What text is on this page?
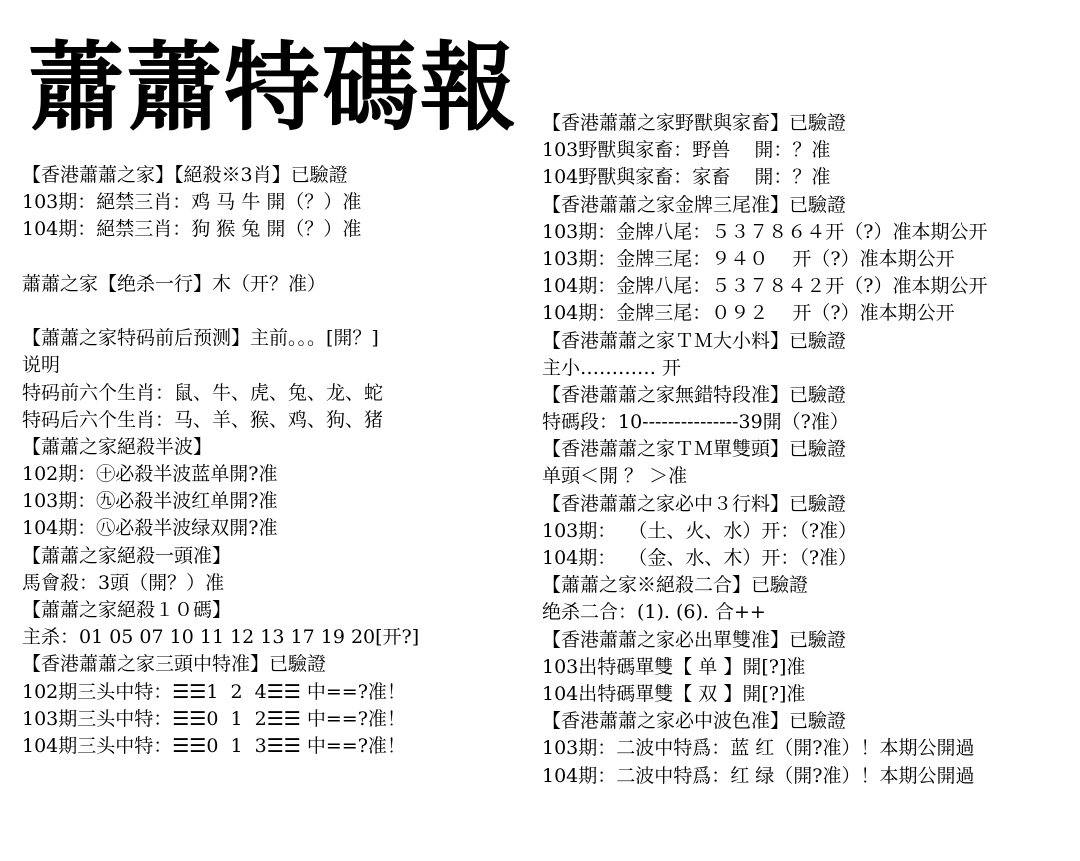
蕭蕭特碼報
【香港蕭蕭之家】【絕殺※3肖】已驗證
103期：絕禁三肖：鸡 马 牛 開（？）准
104期：絕禁三肖：狗 猴 兔 開（？）准
蕭蕭之家【绝杀一行】木（开？准）
【蕭蕭之家特码前后预测】主前。。。[開？]
说明
特码前六个生肖：鼠、牛、虎、兔、龙、蛇
特码后六个生肖：马、羊、猴、鸡、狗、猪
【蕭蕭之家絕殺半波】
102期：㊉必殺半波蓝单開?准
103期：㊈必殺半波红单開?准
104期：㊇必殺半波绿双開?准
【蕭蕭之家絕殺一頭准】
馬會殺：3頭（開？）准
【蕭蕭之家絕殺１０碼】
主杀：01 05 07 10 11 12 13 17 19 20[开?]
【香港蕭蕭之家三頭中特准】已驗證
102期三头中特：☰☰1  2  4☰☰ 中==?准！
103期三头中特：☰☰0  1  2☰☰ 中==?准！
104期三头中特：☰☰0  1  3☰☰ 中==?准！
【香港蕭蕭之家野獸與家畜】已驗證
103野獸與家畜：野兽    開：？准
104野獸與家畜：家畜    開：？准
【香港蕭蕭之家金牌三尾准】已驗證
103期：金牌八尾：５３７８６４开（?）准本期公开
103期：金牌三尾：９４０    开（?）准本期公开
104期：金牌八尾：５３７８４２开（?）准本期公开
104期：金牌三尾：０９２    开（?）准本期公开
【香港蕭蕭之家ＴＭ大小料】已驗證
主小………… 开
【香港蕭蕭之家無錯特段准】已驗證
特碼段：10---------------39開（?准）
【香港蕭蕭之家ＴＭ單雙頭】已驗證
单頭＜開 ？ ＞准
【香港蕭蕭之家必中３行料】已驗證
103期：  （土、火、水）开：（?准）
104期：  （金、水、木）开：（?准）
【蕭蕭之家※絕殺二合】已驗證
绝杀二合：(1). (6). 合++
【香港蕭蕭之家必出單雙准】已驗證
103出特碼單雙【 单 】開[?]准
104出特碼單雙【 双 】開[?]准
【香港蕭蕭之家必中波色准】已驗證
103期：二波中特爲：蓝 红（開?准）！本期公開過
104期：二波中特爲：红 绿（開?准）！本期公開過
